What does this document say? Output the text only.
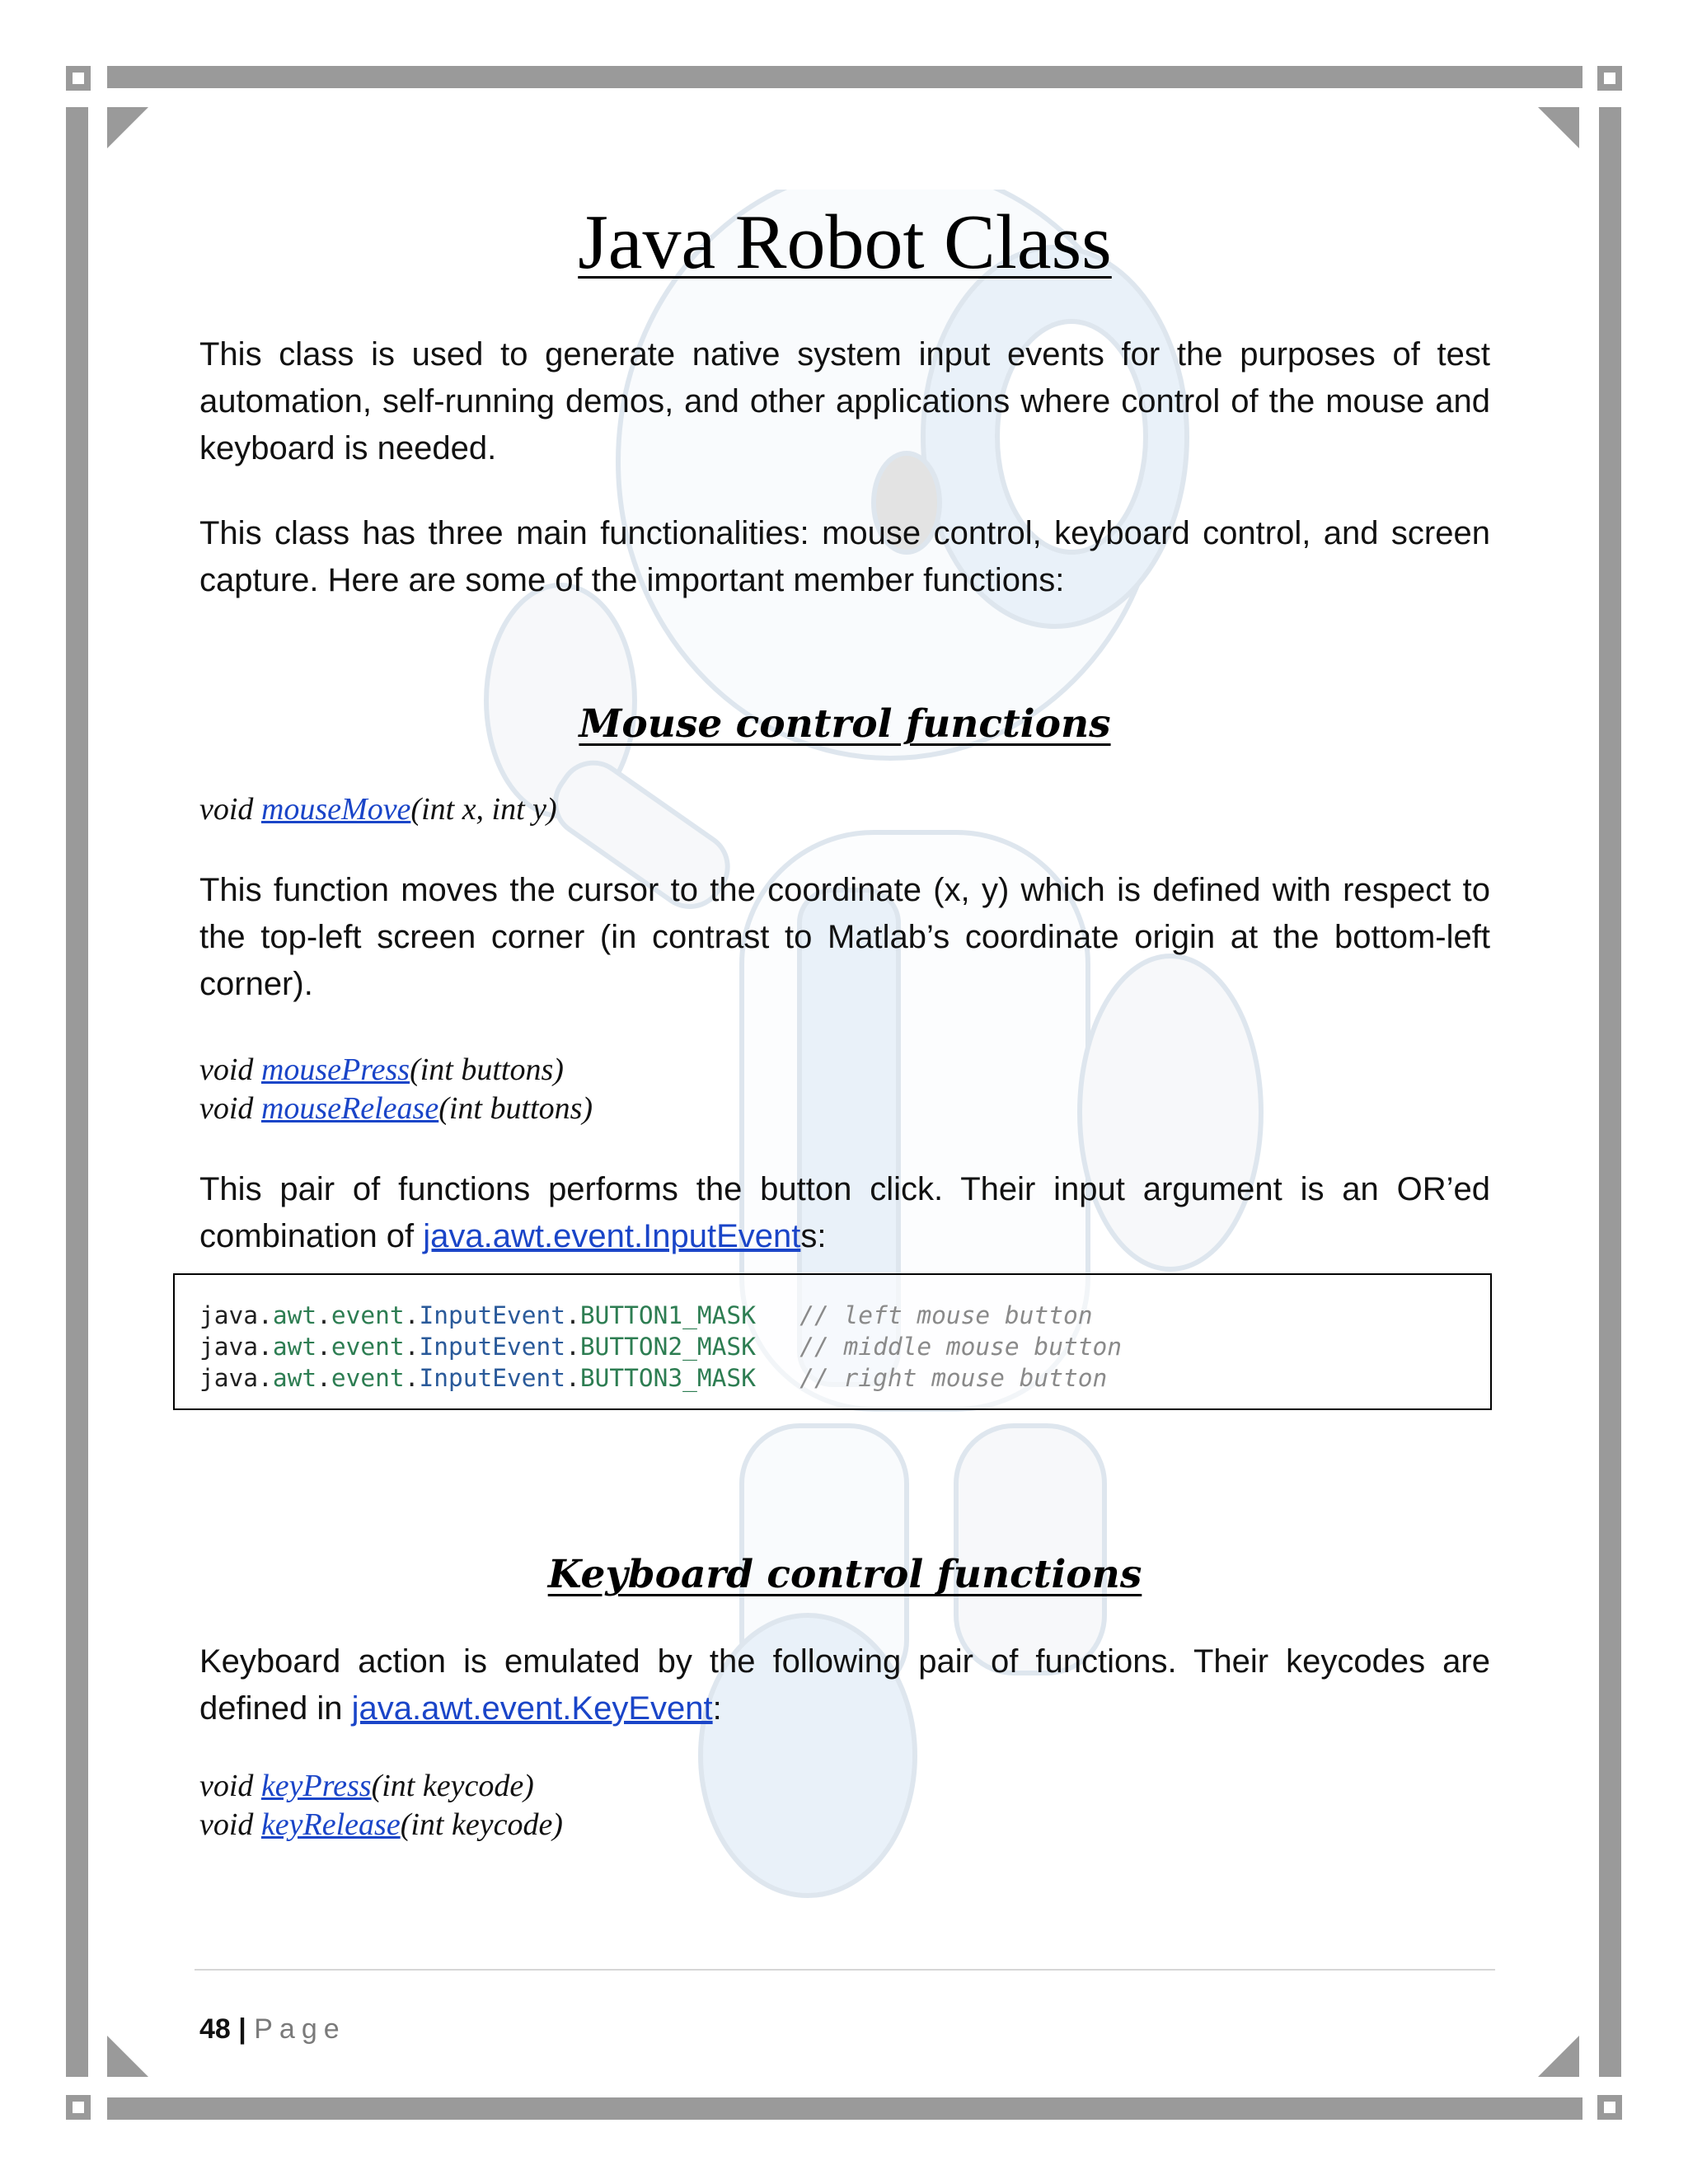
Java Robot Class

This class is used to generate native system input events for the purposes of test automation, self-running demos, and other applications where control of the mouse and keyboard is needed.

This class has three main functionalities: mouse control, keyboard control, and screen capture. Here are some of the important member functions:

Mouse control functions
void mouseMove(int x, int y)

This function moves the cursor to the coordinate (x, y) which is defined with respect to the top-left screen corner (in contrast to Matlab’s coordinate origin at the bottom-left corner).

void mousePress(int buttons)
void mouseRelease(int buttons)

This pair of functions performs the button click. Their input argument is an OR’ed combination of java.awt.event.InputEvents:

java.awt.event.InputEvent.BUTTON1_MASK // left mouse button
java.awt.event.InputEvent.BUTTON2_MASK // middle mouse button
java.awt.event.InputEvent.BUTTON3_MASK // right mouse button
Keyboard control functions

Keyboard action is emulated by the following pair of functions. Their keycodes are defined in java.awt.event.KeyEvent:

void keyPress(int keycode)
void keyRelease(int keycode)
48 | Page
